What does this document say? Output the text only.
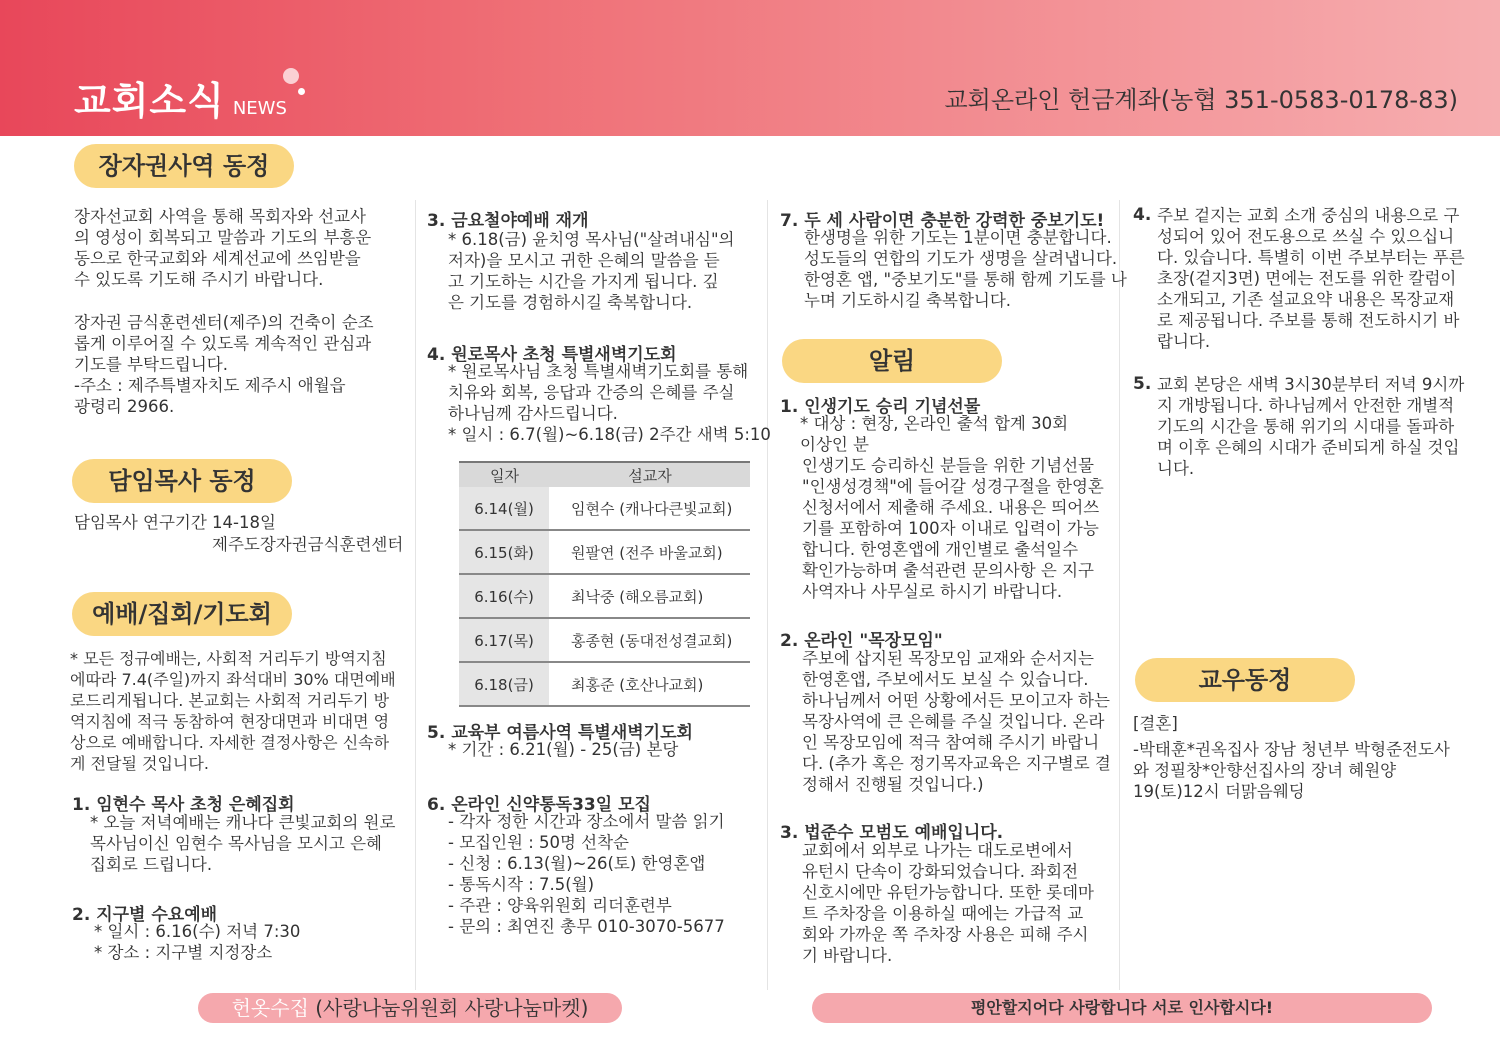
교회소식 NEWS	교회온라인 헌금계좌(농협 351-0583-0178-83)
장자권사역 동정
장자선교회 사역을 통해 목회자와 선교사
의 영성이 회복되고 말씀과 기도의 부흥운
동으로 한국교회와 세계선교에 쓰임받을
수 있도록 기도해 주시기 바랍니다.
장자권 금식훈련센터(제주)의 건축이 순조
롭게 이루어질 수 있도록 계속적인 관심과
기도를 부탁드립니다.
-주소 : 제주특별자치도 제주시 애월읍
광령리 2966.
담임목사 동정
담임목사 연구기간 14-18일
제주도장자권금식훈련센터
예배/집회/기도회
* 모든 정규예배는, 사회적 거리두기 방역지침
에따라 7.4(주일)까지 좌석대비 30% 대면예배
로드리게됩니다. 본교회는 사회적 거리두기 방
역지침에 적극 동참하여 현장대면과 비대면 영
상으로 예배합니다. 자세한 결정사항은 신속하
게 전달될 것입니다.
1. 임현수 목사 초청 은혜집회
* 오늘 저녁예배는 캐나다 큰빛교회의 원로
목사님이신 임현수 목사님을 모시고 은혜
집회로 드립니다.
2. 지구별 수요예배
* 일시 : 6.16(수) 저녁 7:30
* 장소 : 지구별 지정장소
3. 금요철야예배 재개
* 6.18(금) 윤치영 목사님("살려내심"의
저자)을 모시고 귀한 은혜의 말씀을 듣
고 기도하는 시간을 가지게 됩니다. 깊
은 기도를 경험하시길 축복합니다.
4. 원로목사 초청 특별새벽기도회
* 원로목사님 초청 특별새벽기도회를 통해
치유와 회복, 응답과 간증의 은혜를 주실
하나님께 감사드립니다.
* 일시 : 6.7(월)~6.18(금) 2주간 새벽 5:10
일자	설교자
6.14(월)	임현수 (캐나다큰빛교회)
6.15(화)	원팔연 (전주 바울교회)
6.16(수)	최낙중 (해오름교회)
6.17(목)	홍종현 (동대전성결교회)
6.18(금)	최홍준 (호산나교회)
5. 교육부 여름사역 특별새벽기도회
* 기간 : 6.21(월) - 25(금) 본당
6. 온라인 신약통독33일 모집
- 각자 정한 시간과 장소에서 말씀 읽기
- 모집인원 : 50명 선착순
- 신청 : 6.13(월)~26(토) 한영혼앱
- 통독시작 : 7.5(월)
- 주관 : 양육위원회 리더훈련부
- 문의 : 최연진 총무 010-3070-5677
7. 두 세 사람이면 충분한 강력한 중보기도!
한생명을 위한 기도는 1분이면 충분합니다.
성도들의 연합의 기도가 생명을 살려냅니다.
한영혼 앱, "중보기도"를 통해 함께 기도를 나
누며 기도하시길 축복합니다.
알림
1. 인생기도 승리 기념선물
* 대상 : 현장, 온라인 출석 합계 30회
이상인 분
인생기도 승리하신 분들을 위한 기념선물
"인생성경책"에 들어갈 성경구절을 한영혼
신청서에서 제출해 주세요. 내용은 띄어쓰
기를 포함하여 100자 이내로 입력이 가능
합니다. 한영혼앱에 개인별로 출석일수
확인가능하며 출석관련 문의사항 은 지구
사역자나 사무실로 하시기 바랍니다.
2. 온라인 "목장모임"
주보에 삽지된 목장모임 교재와 순서지는
한영혼앱, 주보에서도 보실 수 있습니다.
하나님께서 어떤 상황에서든 모이고자 하는
목장사역에 큰 은혜를 주실 것입니다. 온라
인 목장모임에 적극 참여해 주시기 바랍니
다. (추가 혹은 정기목자교육은 지구별로 결
정해서 진행될 것입니다.)
3. 법준수 모범도 예배입니다.
교회에서 외부로 나가는 대도로변에서
유턴시 단속이 강화되었습니다. 좌회전
신호시에만 유턴가능합니다. 또한 롯데마
트 주차장을 이용하실 때에는 가급적 교
회와 가까운 쪽 주차장 사용은 피해 주시
기 바랍니다.
4. 주보 겉지는 교회 소개 중심의 내용으로 구
성되어 있어 전도용으로 쓰실 수 있으십니
다. 있습니다. 특별히 이번 주보부터는 푸른
초장(겉지3면) 면에는 전도를 위한 칼럼이
소개되고, 기존 설교요약 내용은 목장교재
로 제공됩니다. 주보를 통해 전도하시기 바
랍니다.
5. 교회 본당은 새벽 3시30분부터 저녁 9시까
지 개방됩니다. 하나님께서 안전한 개별적
기도의 시간을 통해 위기의 시대를 돌파하
며 이후 은혜의 시대가 준비되게 하실 것입
니다.
교우동정
[결혼]
-박태훈*권옥집사 장남 청년부 박형준전도사
와 정필창*안향선집사의 장녀 혜원양
19(토)12시 더맑음웨딩
헌옷수집 (사랑나눔위원회 사랑나눔마켓)	평안할지어다 사랑합니다 서로 인사합시다!
